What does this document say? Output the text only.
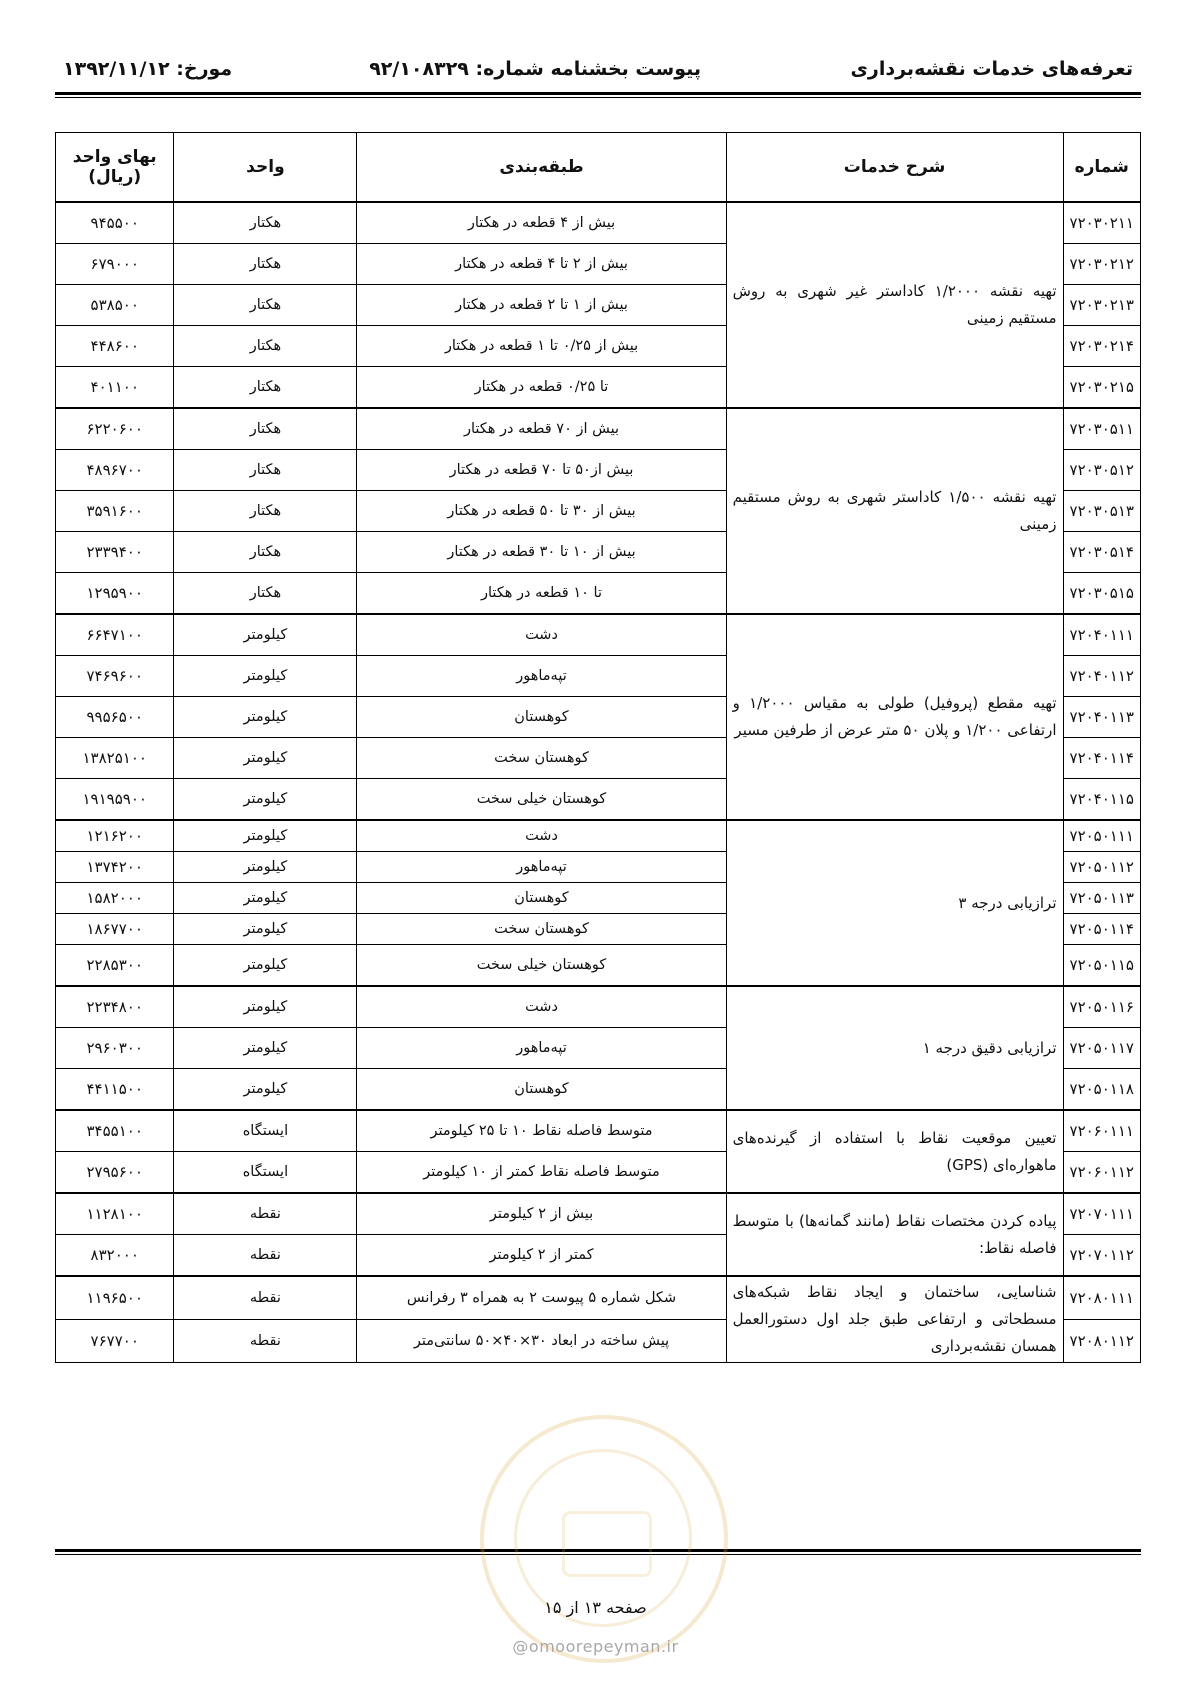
تعرفه‌های خدمات نقشه‌برداری
پیوست بخشنامه شماره: ۹۲/۱۰۸۳۲۹
مورخ: ۱۳۹۲/۱۱/۱۲
شماره	شرح خدمات	طبقه‌بندی	واحد	بهای واحد
(ریال)

۷۲۰۳۰۲۱۱	تهیه نقشه ۱/۲۰۰۰ کاداستر غیر شهری به روش مستقیم زمینی	بیش از ۴ قطعه در هکتار	هکتار	۹۴۵۵۰۰
۷۲۰۳۰۲۱۲		بیش از ۲ تا ۴ قطعه در هکتار	هکتار	۶۷۹۰۰۰
۷۲۰۳۰۲۱۳		بیش از ۱ تا ۲ قطعه در هکتار	هکتار	۵۳۸۵۰۰
۷۲۰۳۰۲۱۴		بیش از ۰/۲۵ تا ۱ قطعه در هکتار	هکتار	۴۴۸۶۰۰
۷۲۰۳۰۲۱۵		تا ۰/۲۵ قطعه در هکتار	هکتار	۴۰۱۱۰۰
۷۲۰۳۰۵۱۱	تهیه نقشه ۱/۵۰۰ کاداستر شهری به روش مستقیم زمینی	بیش از ۷۰ قطعه در هکتار	هکتار	۶۲۲۰۶۰۰
۷۲۰۳۰۵۱۲		بیش از۵۰ تا ۷۰ قطعه در هکتار	هکتار	۴۸۹۶۷۰۰
۷۲۰۳۰۵۱۳		بیش از ۳۰ تا ۵۰ قطعه در هکتار	هکتار	۳۵۹۱۶۰۰
۷۲۰۳۰۵۱۴		بیش از ۱۰ تا ۳۰ قطعه در هکتار	هکتار	۲۳۳۹۴۰۰
۷۲۰۳۰۵۱۵		تا ۱۰ قطعه در هکتار	هکتار	۱۲۹۵۹۰۰
۷۲۰۴۰۱۱۱	تهیه مقطع (پروفیل) طولی به مقیاس ۱/۲۰۰۰ و ارتفاعی ۱/۲۰۰ و پلان ۵۰ متر عرض از طرفین مسیر	دشت	کیلومتر	۶۶۴۷۱۰۰
۷۲۰۴۰۱۱۲		تپه‌ماهور	کیلومتر	۷۴۶۹۶۰۰
۷۲۰۴۰۱۱۳		کوهستان	کیلومتر	۹۹۵۶۵۰۰
۷۲۰۴۰۱۱۴		کوهستان سخت	کیلومتر	۱۳۸۲۵۱۰۰
۷۲۰۴۰۱۱۵		کوهستان خیلی سخت	کیلومتر	۱۹۱۹۵۹۰۰
۷۲۰۵۰۱۱۱	ترازیابی درجه ۳	دشت	کیلومتر	۱۲۱۶۲۰۰
۷۲۰۵۰۱۱۲		تپه‌ماهور	کیلومتر	۱۳۷۴۲۰۰
۷۲۰۵۰۱۱۳		کوهستان	کیلومتر	۱۵۸۲۰۰۰
۷۲۰۵۰۱۱۴		کوهستان سخت	کیلومتر	۱۸۶۷۷۰۰
۷۲۰۵۰۱۱۵		کوهستان خیلی سخت	کیلومتر	۲۲۸۵۳۰۰
۷۲۰۵۰۱۱۶	ترازیابی دقیق درجه ۱	دشت	کیلومتر	۲۲۳۴۸۰۰
۷۲۰۵۰۱۱۷		تپه‌ماهور	کیلومتر	۲۹۶۰۳۰۰
۷۲۰۵۰۱۱۸		کوهستان	کیلومتر	۴۴۱۱۵۰۰
۷۲۰۶۰۱۱۱	تعیین موقعیت نقاط با استفاده از گیرنده‌های ماهواره‌ای (GPS)	متوسط فاصله نقاط ۱۰ تا ۲۵ کیلومتر	ایستگاه	۳۴۵۵۱۰۰
۷۲۰۶۰۱۱۲		متوسط فاصله نقاط کمتر از ۱۰ کیلومتر	ایستگاه	۲۷۹۵۶۰۰
۷۲۰۷۰۱۱۱	پیاده کردن مختصات نقاط (مانند گمانه‌ها) با متوسط فاصله نقاط:	بیش از ۲ کیلومتر	نقطه	۱۱۲۸۱۰۰
۷۲۰۷۰۱۱۲		کمتر از ۲ کیلومتر	نقطه	۸۳۲۰۰۰
۷۲۰۸۰۱۱۱	شناسایی، ساختمان و ایجاد نقاط شبکه‌های مسطحاتی و ارتفاعی طبق جلد اول دستورالعمل همسان نقشه‌برداری	شکل شماره ۵ پیوست ۲ به همراه ۳ رفرانس	نقطه	۱۱۹۶۵۰۰
۷۲۰۸۰۱۱۲		پیش ساخته در ابعاد ۳۰×۴۰×۵۰ سانتی‌متر	نقطه	۷۶۷۷۰۰
صفحه ۱۳ از ۱۵
@omoorepeyman.ir
